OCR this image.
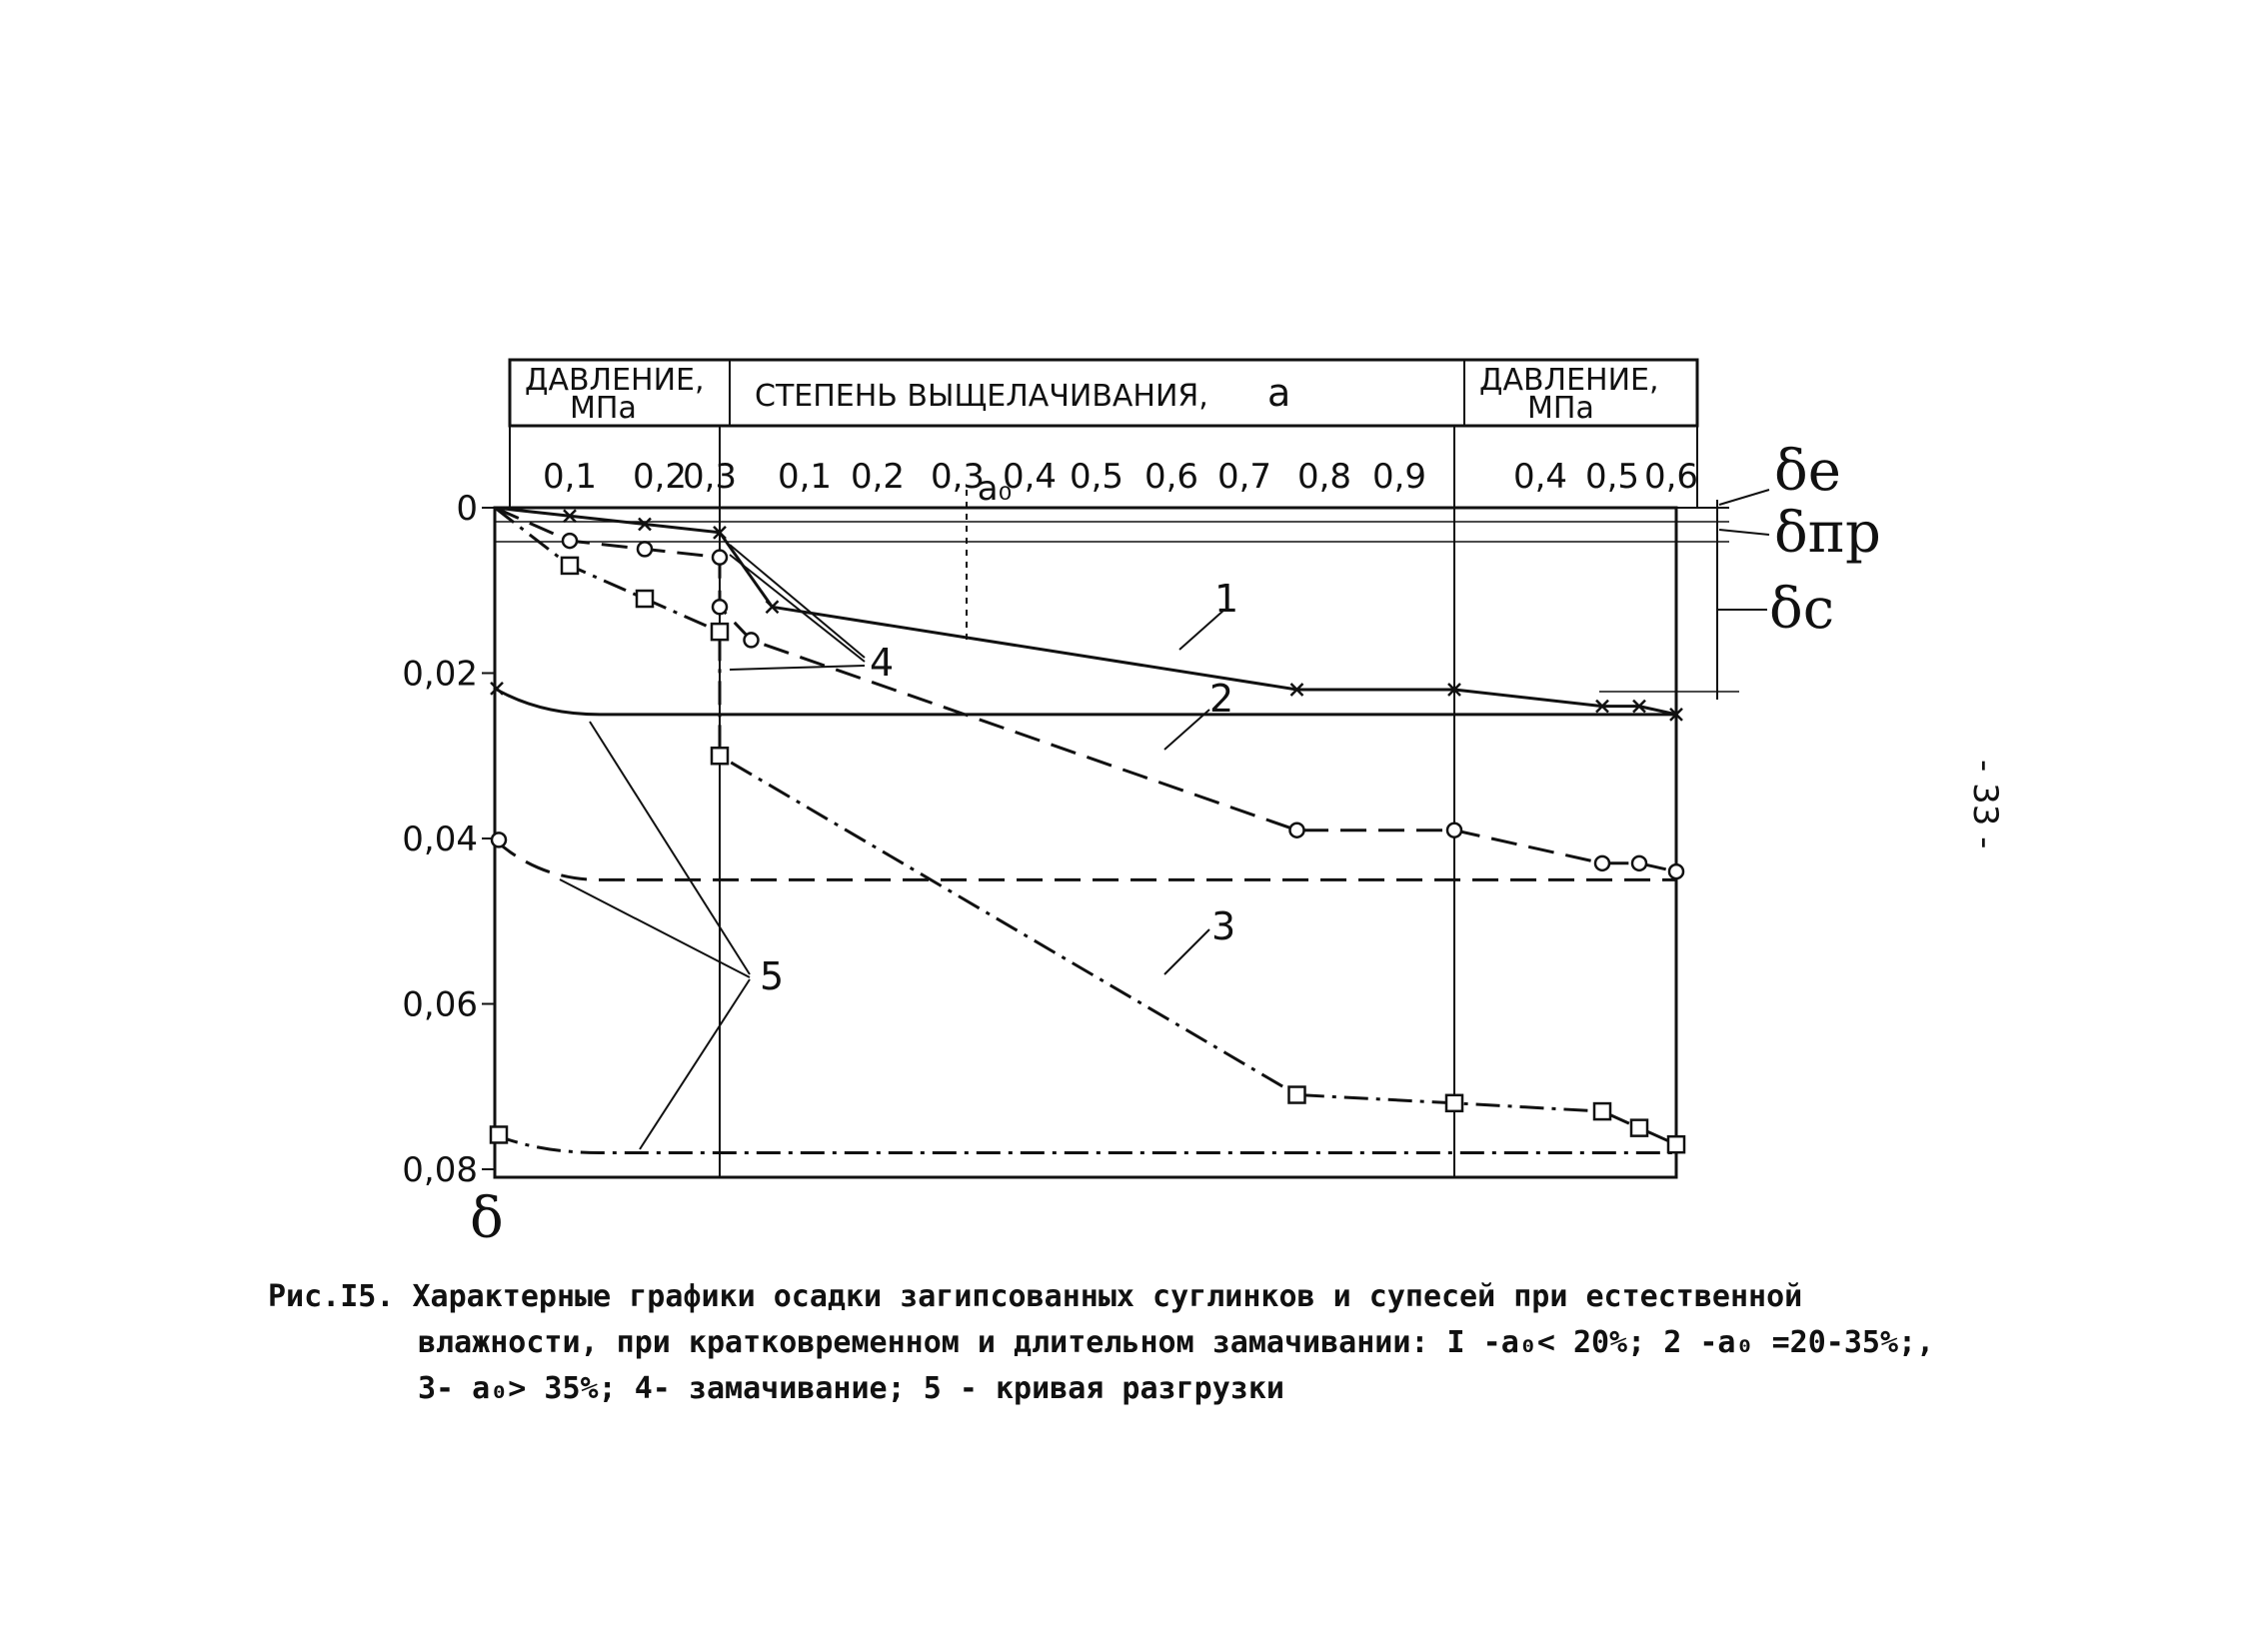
ДАВЛЕНИЕ,
МПа	СТЕПЕНЬ ВЫЩЕЛАЧИВАНИЯ, a	ДАВЛЕНИЕ,
МПа
0
0,02
0,04
0,06
0,08
δ
0,1 0,2
0,3 0,1 0,2 0,3 0,4 0,5 0,6 0,7 0,8 0,9	0,4 0,5 0,6
a₀	δe
δпр
δc
1
2
3
4
5
- 33 -
Рис.I5. Характерные графики осадки загипсованных суглинков и супесей при естественной
влажности, при кратковременном и длительном замачивании: I -a₀< 20%; 2 -a₀ =20-35%;,
3- a₀> 35%; 4- замачивание; 5 - кривая разгрузки
